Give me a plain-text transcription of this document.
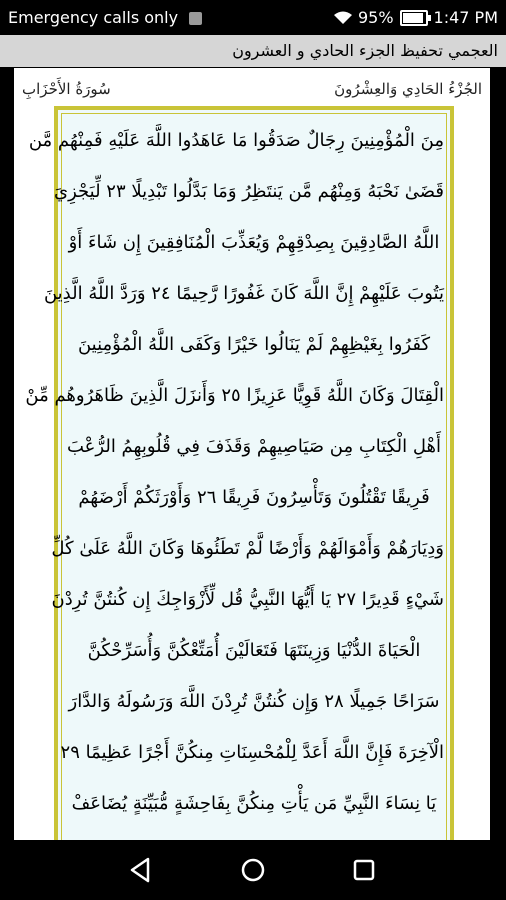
Emergency calls only	95%	1:47 PM
العجمي تحفيظ الجزء الحادي و العشرون
سُورَةُ الأَحْزَابِ	الجُزْءُ الحَادِي وَالعِشْرُونَ
مِنَ الْمُؤْمِنِينَ رِجَالٌ صَدَقُوا مَا عَاهَدُوا اللَّهَ عَلَيْهِ فَمِنْهُم مَّن
قَضَىٰ نَحْبَهُ وَمِنْهُم مَّن يَنتَظِرُ وَمَا بَدَّلُوا تَبْدِيلًا ٢٣ لِّيَجْزِيَ
اللَّهُ الصَّادِقِينَ بِصِدْقِهِمْ وَيُعَذِّبَ الْمُنَافِقِينَ إِن شَاءَ أَوْ
يَتُوبَ عَلَيْهِمْ إِنَّ اللَّهَ كَانَ غَفُورًا رَّحِيمًا ٢٤ وَرَدَّ اللَّهُ الَّذِينَ
كَفَرُوا بِغَيْظِهِمْ لَمْ يَنَالُوا خَيْرًا وَكَفَى اللَّهُ الْمُؤْمِنِينَ
الْقِتَالَ وَكَانَ اللَّهُ قَوِيًّا عَزِيزًا ٢٥ وَأَنزَلَ الَّذِينَ ظَاهَرُوهُم مِّنْ
أَهْلِ الْكِتَابِ مِن صَيَاصِيهِمْ وَقَذَفَ فِي قُلُوبِهِمُ الرُّعْبَ
فَرِيقًا تَقْتُلُونَ وَتَأْسِرُونَ فَرِيقًا ٢٦ وَأَوْرَثَكُمْ أَرْضَهُمْ
وَدِيَارَهُمْ وَأَمْوَالَهُمْ وَأَرْضًا لَّمْ تَطَئُوهَا وَكَانَ اللَّهُ عَلَىٰ كُلِّ
شَيْءٍ قَدِيرًا ٢٧ يَا أَيُّهَا النَّبِيُّ قُل لِّأَزْوَاجِكَ إِن كُنتُنَّ تُرِدْنَ
الْحَيَاةَ الدُّنْيَا وَزِينَتَهَا فَتَعَالَيْنَ أُمَتِّعْكُنَّ وَأُسَرِّحْكُنَّ
سَرَاحًا جَمِيلًا ٢٨ وَإِن كُنتُنَّ تُرِدْنَ اللَّهَ وَرَسُولَهُ وَالدَّارَ
الْآخِرَةَ فَإِنَّ اللَّهَ أَعَدَّ لِلْمُحْسِنَاتِ مِنكُنَّ أَجْرًا عَظِيمًا ٢٩
يَا نِسَاءَ النَّبِيِّ مَن يَأْتِ مِنكُنَّ بِفَاحِشَةٍ مُّبَيِّنَةٍ يُضَاعَفْ
